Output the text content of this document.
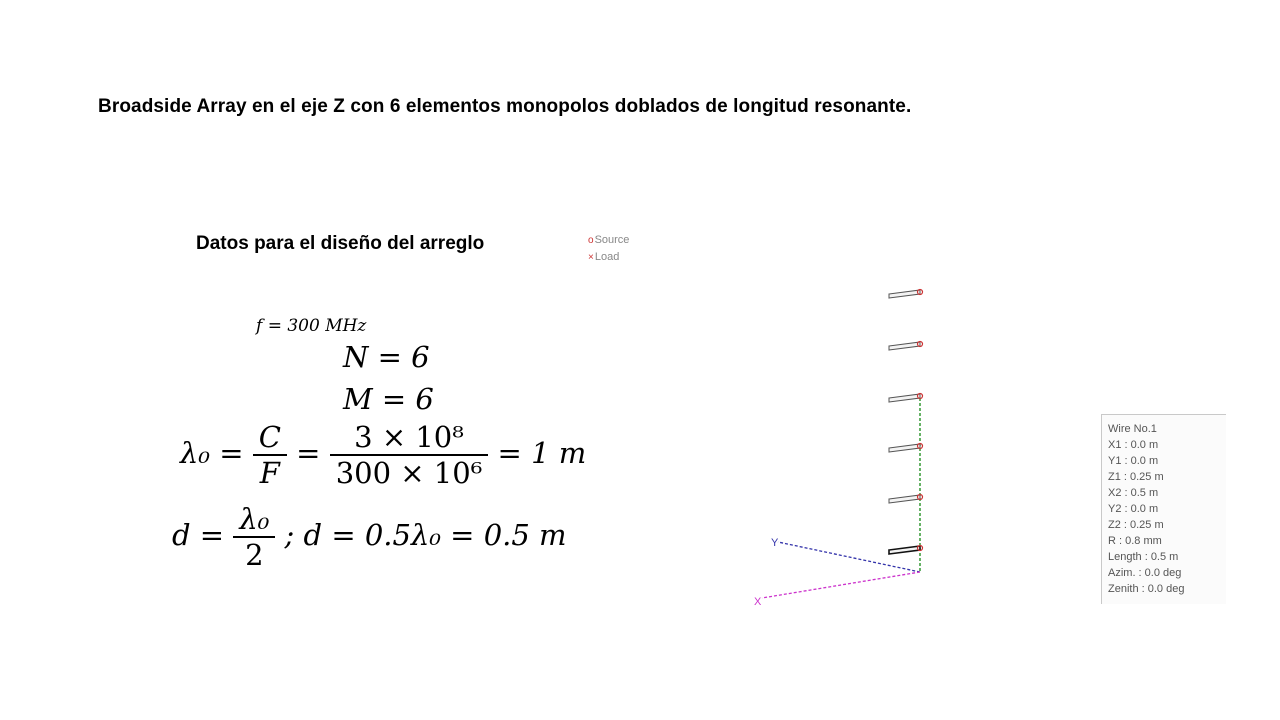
Broadside Array en el eje Z con 6 elementos monopolos doblados de longitud resonante.
Datos para el diseño del arreglo	oSource
×Load
f = 300 MHz
N = 6
M = 6
$\lambda_0 = \frac{C}{F} = \frac{\text{3 × 10⁸}}{\text{300 × 10⁶}} = 1$ m
$d = \frac{\text{λ₀}}{2}$ ; d = 0.5λ₀ = 0.5 m	Y
X
Wire No.1
X1 : 0.0 m
Y1 : 0.0 m
Z1 : 0.25 m
X2 : 0.5 m
Y2 : 0.0 m
Z2 : 0.25 m
R : 0.8 mm
Length : 0.5 m
Azim. : 0.0 deg
Zenith : 0.0 deg
